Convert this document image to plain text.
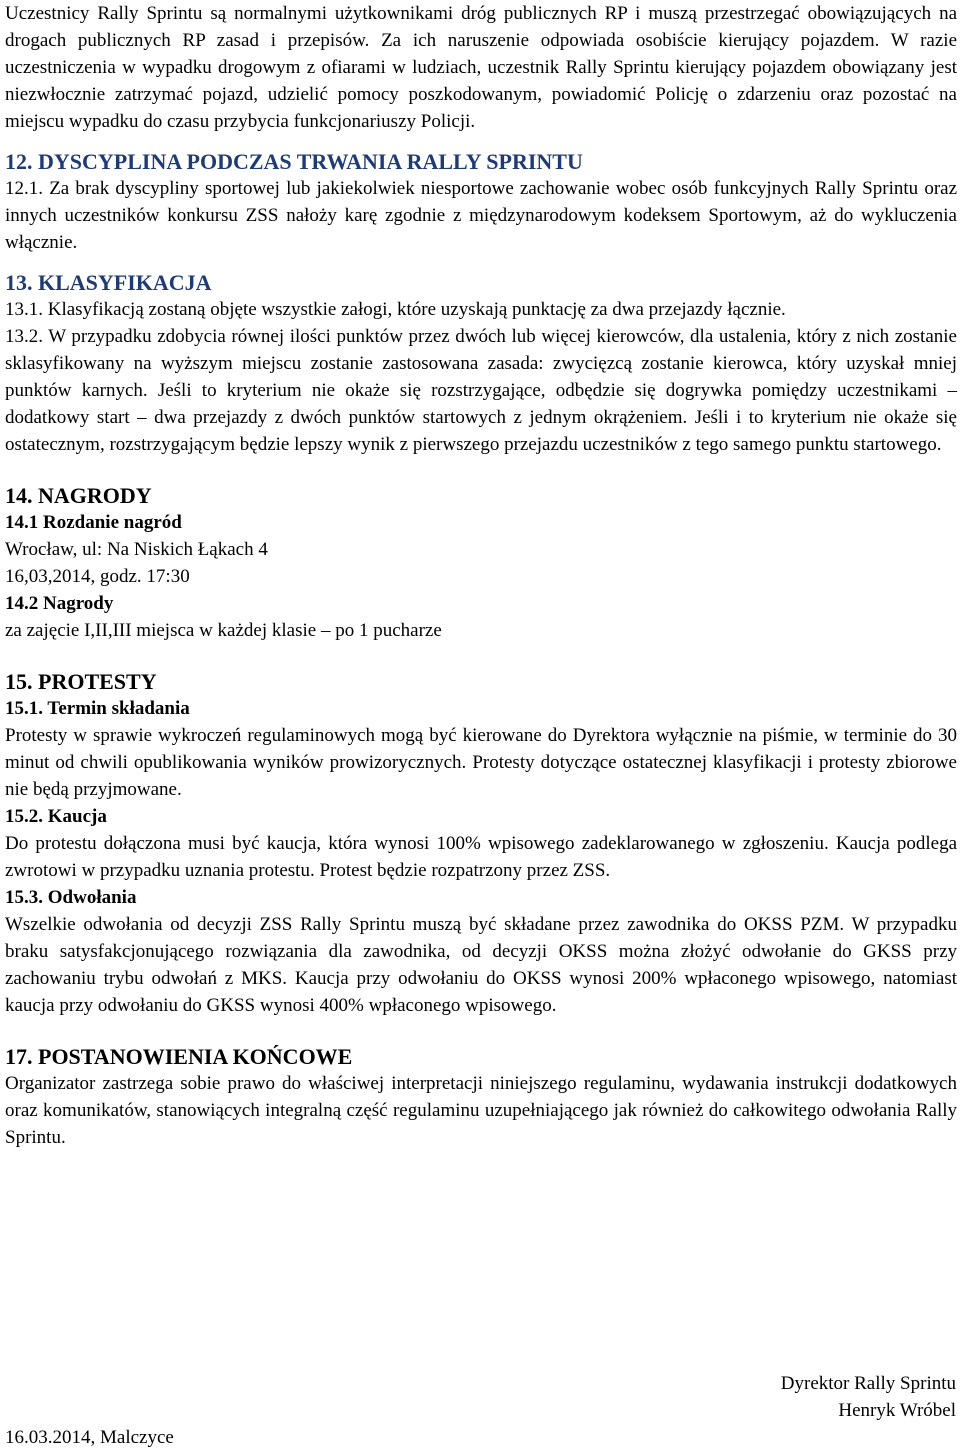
Uczestnicy Rally Sprintu są normalnymi użytkownikami dróg publicznych RP i muszą przestrzegać obowiązujących na drogach publicznych RP zasad i przepisów. Za ich naruszenie odpowiada osobiście kierujący pojazdem. W razie uczestniczenia w wypadku drogowym z ofiarami w ludziach, uczestnik Rally Sprintu kierujący pojazdem obowiązany jest niezwłocznie zatrzymać pojazd, udzielić pomocy poszkodowanym, powiadomić Policję o zdarzeniu oraz pozostać na miejscu wypadku do czasu przybycia funkcjonariuszy Policji.

12. DYSCYPLINA PODCZAS TRWANIA RALLY SPRINTU

12.1. Za brak dyscypliny sportowej lub jakiekolwiek niesportowe zachowanie wobec osób funkcyjnych Rally Sprintu oraz innych uczestników konkursu ZSS nałoży karę zgodnie z międzynarodowym kodeksem Sportowym, aż do wykluczenia włącznie.

13. KLASYFIKACJA

13.1. Klasyfikacją zostaną objęte wszystkie załogi, które uzyskają punktację za dwa przejazdy łącznie.

13.2. W przypadku zdobycia równej ilości punktów przez dwóch lub więcej kierowców, dla ustalenia, który z nich zostanie sklasyfikowany na wyższym miejscu zostanie zastosowana zasada: zwycięzcą zostanie kierowca, który uzyskał mniej punktów karnych. Jeśli to kryterium nie okaże się rozstrzygające, odbędzie się dogrywka pomiędzy uczestnikami – dodatkowy start – dwa przejazdy z dwóch punktów startowych z jednym okrążeniem. Jeśli i to kryterium nie okaże się ostatecznym, rozstrzygającym będzie lepszy wynik z pierwszego przejazdu uczestników z tego samego punktu startowego.

14. NAGRODY
14.1 Rozdanie nagród
Wrocław, ul: Na Niskich Łąkach 4
16,03,2014, godz. 17:30
14.2 Nagrody
za zajęcie I,II,III miejsca w każdej klasie – po 1 pucharze
15. PROTESTY
15.1. Termin składania

Protesty w sprawie wykroczeń regulaminowych mogą być kierowane do Dyrektora wyłącznie na piśmie, w terminie do 30 minut od chwili opublikowania wyników prowizorycznych. Protesty dotyczące ostatecznej klasyfikacji i protesty zbiorowe nie będą przyjmowane.

15.2. Kaucja

Do protestu dołączona musi być kaucja, która wynosi 100% wpisowego zadeklarowanego w zgłoszeniu. Kaucja podlega zwrotowi w przypadku uznania protestu. Protest będzie rozpatrzony przez ZSS.

15.3. Odwołania

Wszelkie odwołania od decyzji ZSS Rally Sprintu muszą być składane przez zawodnika do OKSS PZM. W przypadku braku satysfakcjonującego rozwiązania dla zawodnika, od decyzji OKSS można złożyć odwołanie do GKSS przy zachowaniu trybu odwołań z MKS. Kaucja przy odwołaniu do OKSS wynosi 200% wpłaconego wpisowego, natomiast kaucja przy odwołaniu do GKSS wynosi 400% wpłaconego wpisowego.

17. POSTANOWIENIA KOŃCOWE

Organizator zastrzega sobie prawo do właściwej interpretacji niniejszego regulaminu, wydawania instrukcji dodatkowych oraz komunikatów, stanowiących integralną część regulaminu uzupełniającego jak również do całkowitego odwołania Rally Sprintu.

Dyrektor Rally Sprintu
Henryk Wróbel
16.03.2014, Malczyce
